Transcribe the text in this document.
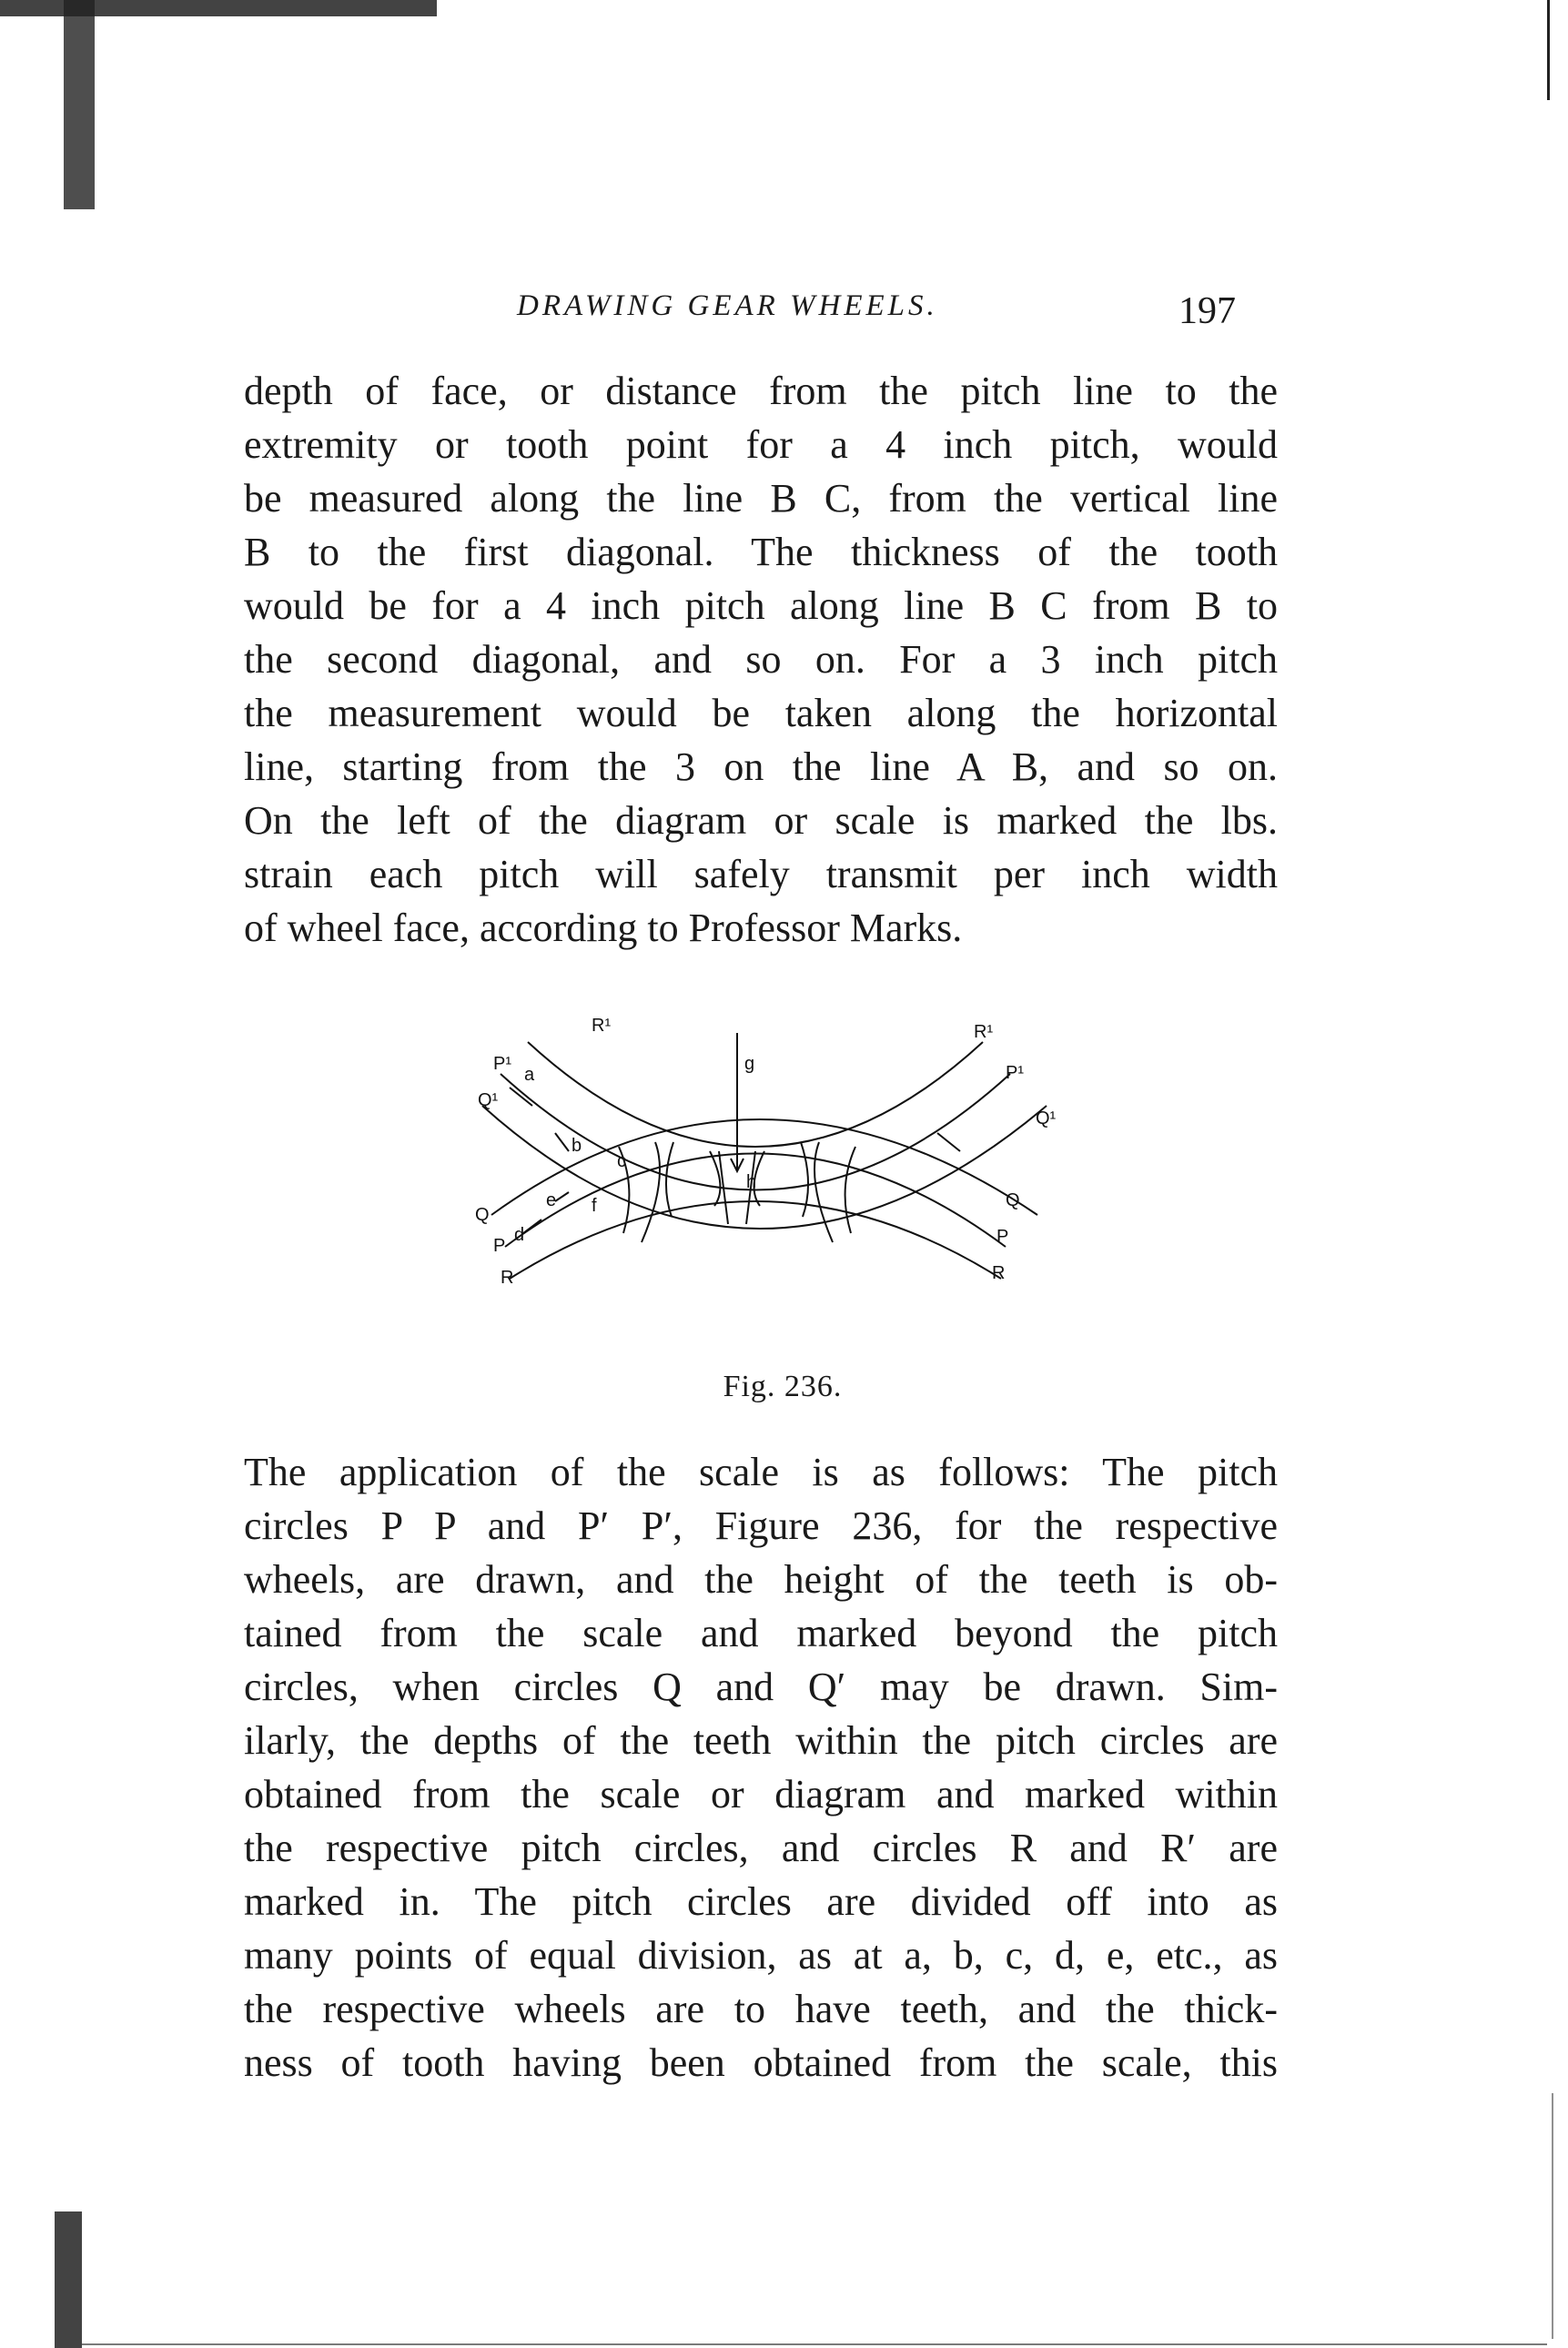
DRAWING GEAR WHEELS.	197
depth of face, or distance from the pitch line to the
extremity or tooth point for a 4 inch pitch, would
be measured along the line B C, from the vertical line
B to the first diagonal. The thickness of the tooth
would be for a 4 inch pitch along line B C from B to
the second diagonal, and so on. For a 3 inch pitch
the measurement would be taken along the horizontal
line, starting from the 3 on the line A B, and so on.
On the left of the diagram or scale is marked the lbs.
strain each pitch will safely transmit per inch width
of wheel face, according to Professor Marks.
R¹
P¹
a
Q¹
b
c
e f
d
Q
P
R
g
h
R¹
P¹
Q¹
Q
P
R
Fig. 236.
The application of the scale is as follows: The pitch
circles P P and P′ P′, Figure 236, for the respective
wheels, are drawn, and the height of the teeth is ob-
tained from the scale and marked beyond the pitch
circles, when circles Q and Q′ may be drawn. Sim-
ilarly, the depths of the teeth within the pitch circles are
obtained from the scale or diagram and marked within
the respective pitch circles, and circles R and R′ are
marked in. The pitch circles are divided off into as
many points of equal division, as at a, b, c, d, e, etc., as
the respective wheels are to have teeth, and the thick-
ness of tooth having been obtained from the scale, this
